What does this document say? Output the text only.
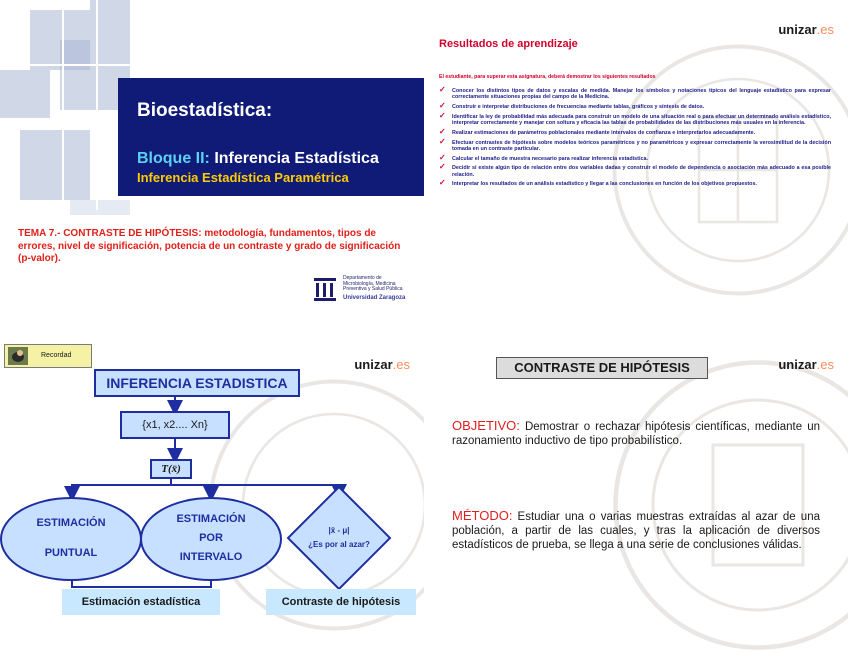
Bioestadística:
Bloque II: Inferencia Estadística
Inferencia Estadística Paramétrica
TEMA 7.- CONTRASTE DE HIPÓTESIS: metodología, fundamentos, tipos de errores, nivel de significación, potencia de un contraste y grado de significación (p-valor).
Departamento de
Microbiología, Medicina
Preventiva y Salud Pública
Universidad Zaragoza
unizar.es
Resultados de aprendizaje
El estudiante, para superar esta asignatura, deberá demostrar los siguientes resultados
✓ Conocer los distintos tipos de datos y escalas de medida. Manejar los símbolos y notaciones típicos del lenguaje estadístico para expresar correctamente situaciones propias del campo de la Medicina.
✓ Construir e interpretar distribuciones de frecuencias mediante tablas, gráficos y síntesis de datos.
✓ Identificar la ley de probabilidad más adecuada para construir un modelo de una situación real o para efectuar un determinado análisis estadístico, interpretar correctamente y manejar con soltura y eficacia las tablas de probabilidades de las distribuciones más usuales en la inferencia.
✓ Realizar estimaciones de parámetros poblacionales mediante intervalos de confianza e interpretarlos adecuadamente.
✓ Efectuar contrastes de hipótesis sobre modelos teóricos paramétricos y no paramétricos y expresar correctamente la verosimilitud de la decisión tomada en un contraste particular.
✓ Calcular el tamaño de muestra necesario para realizar inferencia estadística.
✓ Decidir si existe algún tipo de relación entre dos variables dadas y construir el modelo de dependencia o asociación más adecuado a esa posible relación.
✓ Interpretar los resultados de un análisis estadístico y llegar a las conclusiones en función de los objetivos propuestos.
unizar.es
Recordad
INFERENCIA ESTADISTICA
{x1, x2.... Xn}
T(x̄)
ESTIMACIÓN
PUNTUAL
ESTIMACIÓN
POR
INTERVALO
|x̄ - μ|
¿Es por al azar?
Estimación estadística	Contraste de hipótesis
unizar.es
CONTRASTE DE HIPÓTESIS
OBJETIVO: Demostrar o rechazar hipótesis científicas, mediante un razonamiento inductivo de tipo probabilístico.
MÉTODO: Estudiar una o varias muestras extraídas al azar de una población, a partir de las cuales, y tras la aplicación de diversos estadísticos de prueba, se llega a una serie de conclusiones válidas.
